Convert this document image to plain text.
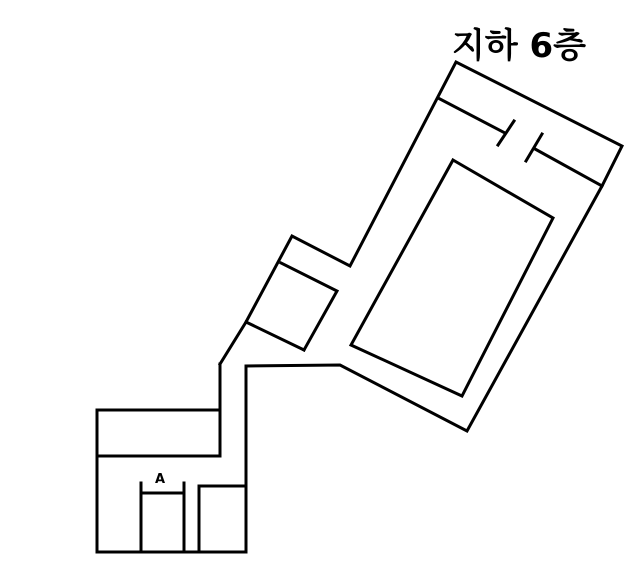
지하 6층
A
